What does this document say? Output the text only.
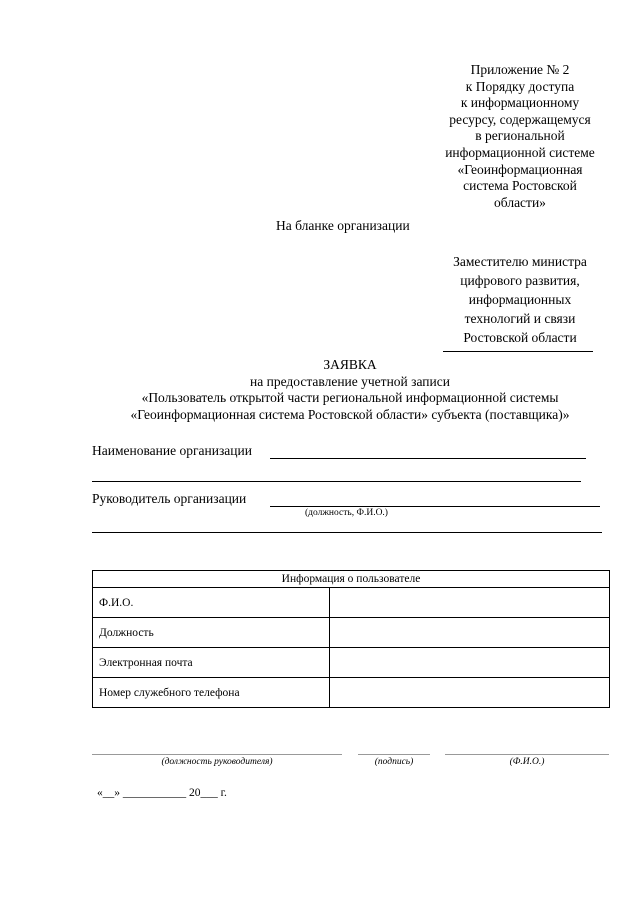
Приложение № 2
к Порядку доступа
к информационному
ресурсу, содержащемуся
в региональной
информационной системе
«Геоинформационная
система Ростовской
области»
На бланке организации
Заместителю министра
цифрового развития,
информационных
технологий и связи
Ростовской области
ЗАЯВКА
на предоставление учетной записи
«Пользователь открытой части региональной информационной системы
«Геоинформационная система Ростовской области» субъекта (поставщика)»
Наименование организации
Руководитель организации
(должность, Ф.И.О.)
Информация о пользователе	
Ф.И.О.	
Должность	
Электронная почта	
Номер служебного телефона	
(должность руководителя)	(подпись)	(Ф.И.О.)
«__» ___________ 20___ г.
